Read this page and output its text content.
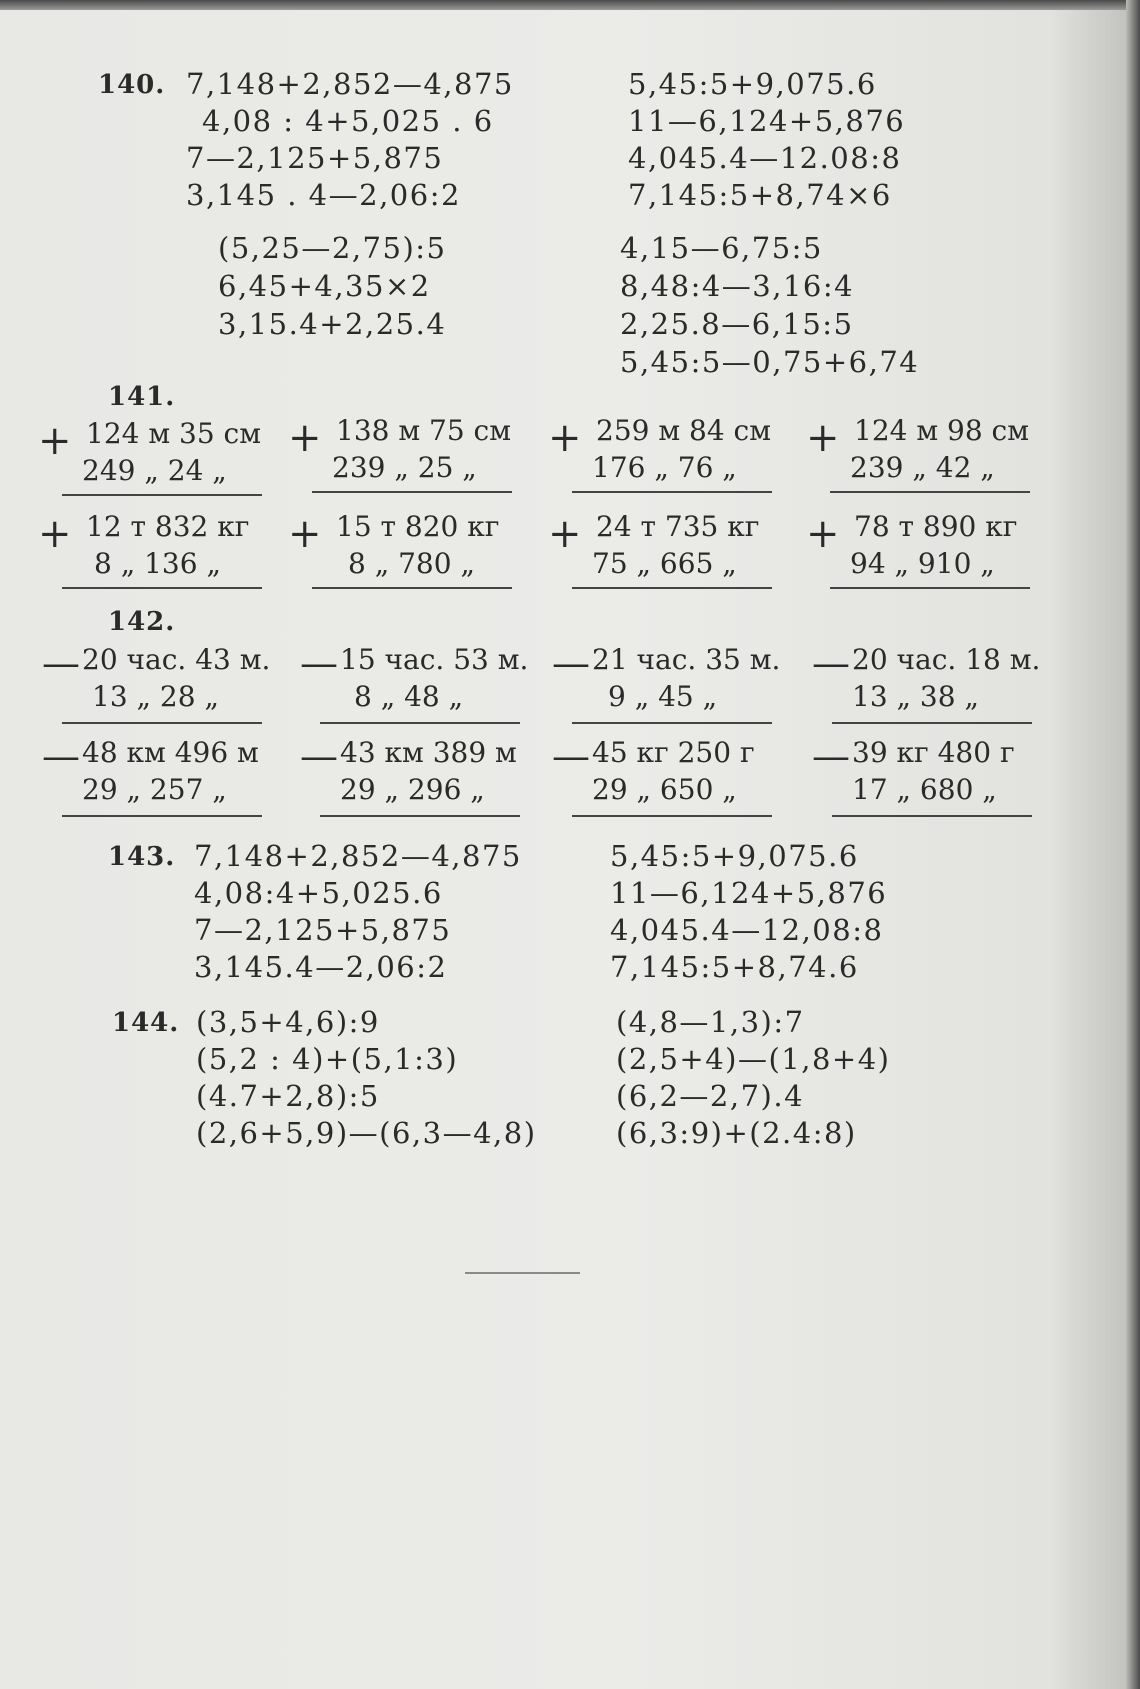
140. 7,148+2,852—4,875
4,08 : 4+5,025 . 6
7—2,125+5,875
3,145 . 4—2,06:2
(5,25—2,75):5
6,45+4,35×2
3,15.4+2,25.4
5,45:5+9,075.6
11—6,124+5,876
4,045.4—12.08:8
7,145:5+8,74×6
4,15—6,75:5
8,48:4—3,16:4
2,25.8—6,15:5
5,45:5—0,75+6,74
141.
+ 124 м 35 см
249 „ 24 „
+ 138 м 75 см
239 „ 25 „
+ 259 м 84 см
176 „ 76 „
+ 124 м 98 см
239 „ 42 „
+ 12 т 832 кг
8 „ 136 „
+ 15 т 820 кг
8 „ 780 „
+ 24 т 735 кг
75 „ 665 „
+ 78 т 890 кг
94 „ 910 „
142.
— 20 час. 43 м.
13 „ 28 „
— 15 час. 53 м.
8 „ 48 „
— 21 час. 35 м.
9 „ 45 „
— 20 час. 18 м.
13 „ 38 „
— 48 км 496 м
29 „ 257 „
— 43 км 389 м
29 „ 296 „
— 45 кг 250 г
29 „ 650 „
— 39 кг 480 г
17 „ 680 „
143. 7,148+2,852—4,875
4,08:4+5,025.6
7—2,125+5,875
3,145.4—2,06:2
5,45:5+9,075.6
11—6,124+5,876
4,045.4—12,08:8
7,145:5+8,74.6
144. (3,5+4,6):9
(5,2 : 4)+(5,1:3)
(4.7+2,8):5
(2,6+5,9)—(6,3—4,8)
(4,8—1,3):7
(2,5+4)—(1,8+4)
(6,2—2,7).4
(6,3:9)+(2.4:8)
